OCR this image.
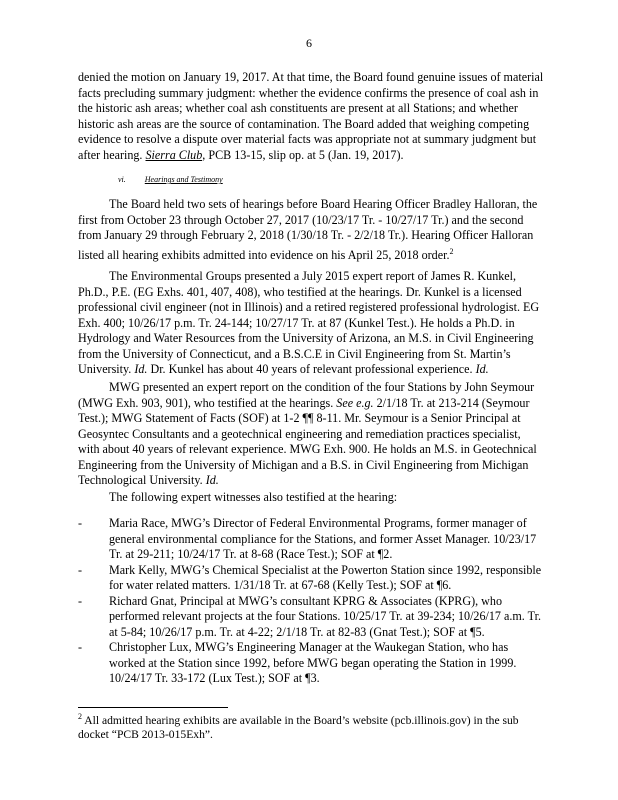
6

denied the motion on January 19, 2017. At that time, the Board found genuine issues of material facts precluding summary judgment: whether the evidence confirms the presence of coal ash in the historic ash areas; whether coal ash constituents are present at all Stations; and whether historic ash areas are the source of contamination. The Board added that weighing competing evidence to resolve a dispute over material facts was appropriate not at summary judgment but after hearing. Sierra Club, PCB 13-15, slip op. at 5 (Jan. 19, 2017).

vi. Hearings and Testimony

The Board held two sets of hearings before Board Hearing Officer Bradley Halloran, the first from October 23 through October 27, 2017 (10/23/17 Tr. - 10/27/17 Tr.) and the second from January 29 through February 2, 2018 (1/30/18 Tr. - 2/2/18 Tr.). Hearing Officer Halloran listed all hearing exhibits admitted into evidence on his April 25, 2018 order.$^2$

The Environmental Groups presented a July 2015 expert report of James R. Kunkel, Ph.D., P.E. (EG Exhs. 401, 407, 408), who testified at the hearings. Dr. Kunkel is a licensed professional civil engineer (not in Illinois) and a retired registered professional hydrologist. EG Exh. 400; 10/26/17 p.m. Tr. 24-144; 10/27/17 Tr. at 87 (Kunkel Test.). He holds a Ph.D. in Hydrology and Water Resources from the University of Arizona, an M.S. in Civil Engineering from the University of Connecticut, and a B.S.C.E in Civil Engineering from St. Martin’s University. Id. Dr. Kunkel has about 40 years of relevant professional experience. Id.

MWG presented an expert report on the condition of the four Stations by John Seymour (MWG Exh. 903, 901), who testified at the hearings. See e.g. 2/1/18 Tr. at 213-214 (Seymour Test.); MWG Statement of Facts (SOF) at 1-2 ¶¶ 8-11. Mr. Seymour is a Senior Principal at Geosyntec Consultants and a geotechnical engineering and remediation practices specialist, with about 40 years of relevant experience. MWG Exh. 900. He holds an M.S. in Geotechnical Engineering from the University of Michigan and a B.S. in Civil Engineering from Michigan Technological University. Id.

The following expert witnesses also testified at the hearing:

- Maria Race, MWG’s Director of Federal Environmental Programs, former manager of general environmental compliance for the Stations, and former Asset Manager. 10/23/17 Tr. at 29-211; 10/24/17 Tr. at 8-68 (Race Test.); SOF at ¶2.
- Mark Kelly, MWG’s Chemical Specialist at the Powerton Station since 1992, responsible for water related matters. 1/31/18 Tr. at 67-68 (Kelly Test.); SOF at ¶6.
- Richard Gnat, Principal at MWG’s consultant KPRG & Associates (KPRG), who performed relevant projects at the four Stations. 10/25/17 Tr. at 39-234; 10/26/17 a.m. Tr. at 5-84; 10/26/17 p.m. Tr. at 4-22; 2/1/18 Tr. at 82-83 (Gnat Test.); SOF at ¶5.
- Christopher Lux, MWG’s Engineering Manager at the Waukegan Station, who has worked at the Station since 1992, before MWG began operating the Station in 1999. 10/24/17 Tr. 33-172 (Lux Test.); SOF at ¶3.
$^2$ All admitted hearing exhibits are available in the Board’s website (pcb.illinois.gov) in the sub docket “PCB 2013-015Exh”.
